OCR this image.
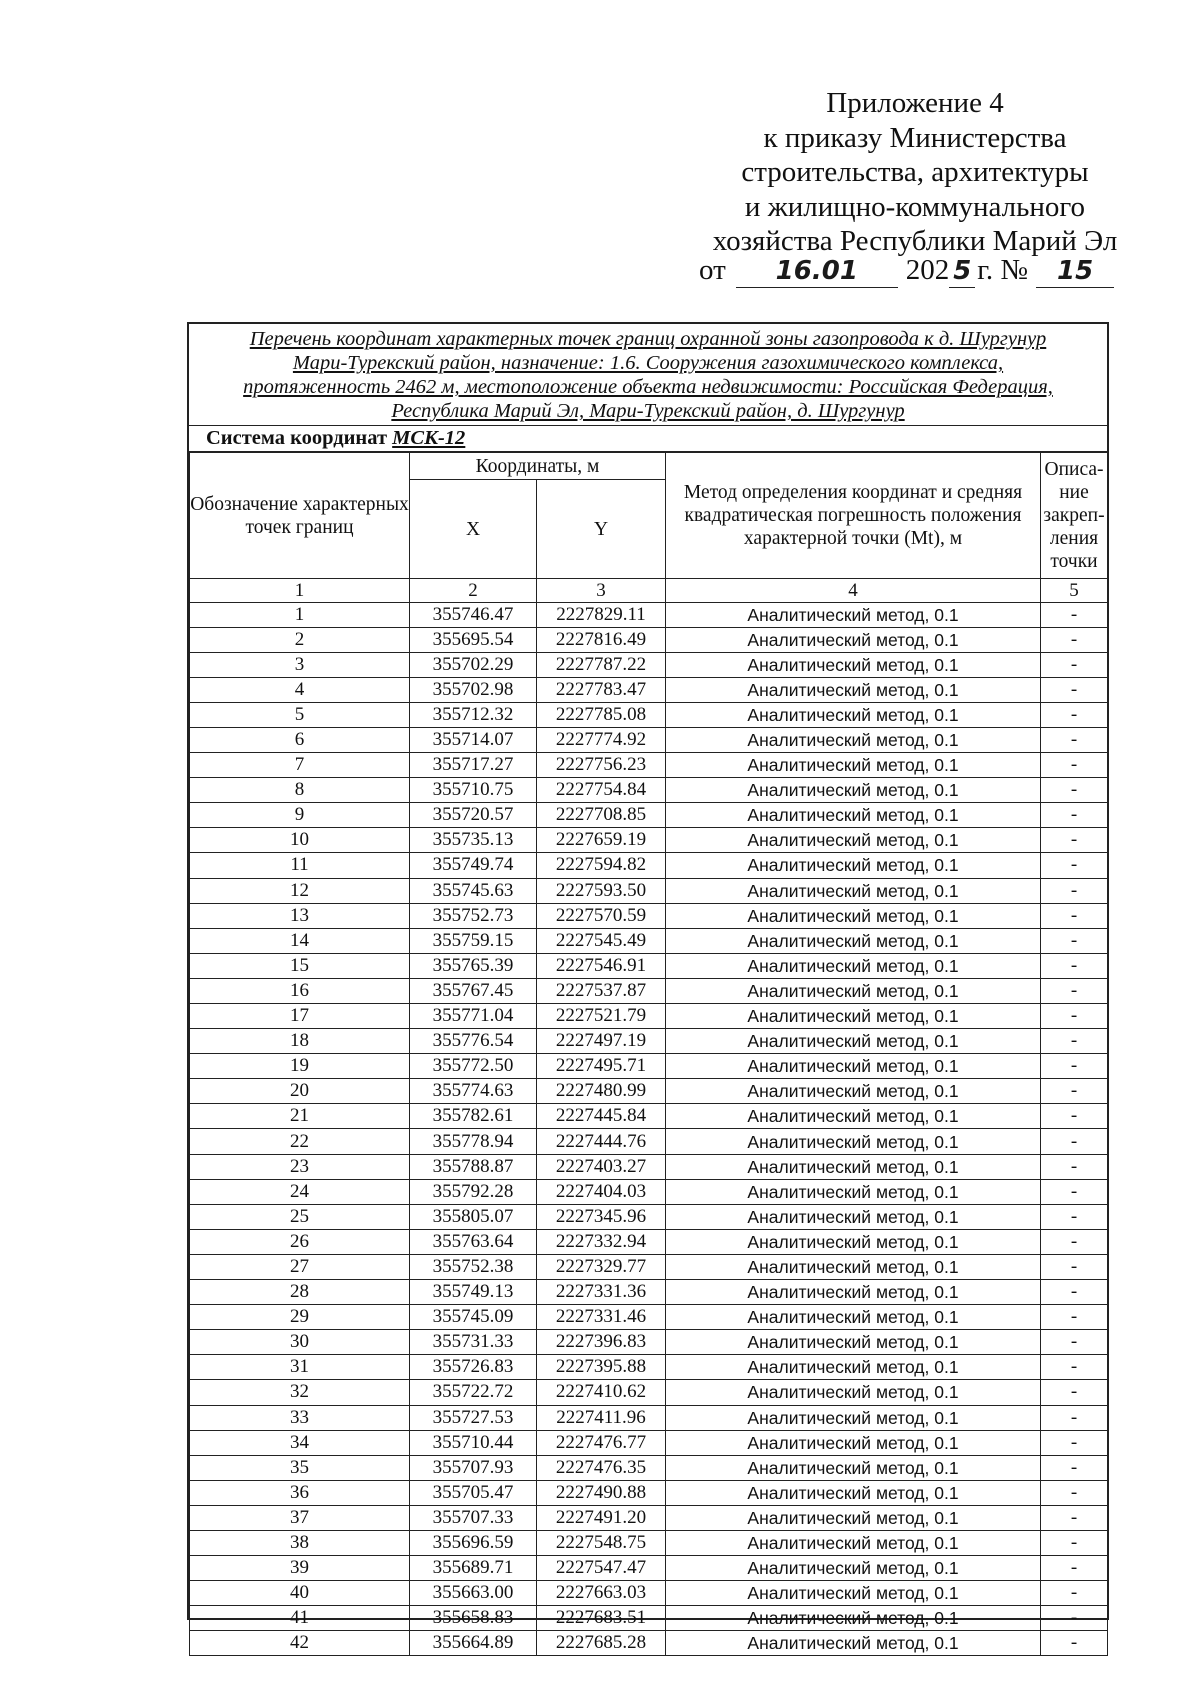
Приложение 4
к приказу Министерства
строительства, архитектуры
и жилищно-коммунального
хозяйства Республики Марий Эл
от 16.01 202 5 г. № 15
Перечень координат характерных точек границ охранной зоны газопровода к д. Шургунур
Мари-Турекский район, назначение: 1.6. Сооружения газохимического комплекса,
протяженность 2462 м, местоположение объекта недвижимости: Российская Федерация,
Республика Марий Эл, Мари-Турекский район, д. Шургунур
Система координат МСК-12
Обозначение характерных точек границ	Координаты, м		Метод определения координат и средняя квадратическая погрешность положения характерной точки (Mt), м	Описа-ние закреп-ления точки
	X	Y		
1	2	3	4	5
1	355746.47	2227829.11	Аналитический метод, 0.1	-
2	355695.54	2227816.49	Аналитический метод, 0.1	-
3	355702.29	2227787.22	Аналитический метод, 0.1	-
4	355702.98	2227783.47	Аналитический метод, 0.1	-
5	355712.32	2227785.08	Аналитический метод, 0.1	-
6	355714.07	2227774.92	Аналитический метод, 0.1	-
7	355717.27	2227756.23	Аналитический метод, 0.1	-
8	355710.75	2227754.84	Аналитический метод, 0.1	-
9	355720.57	2227708.85	Аналитический метод, 0.1	-
10	355735.13	2227659.19	Аналитический метод, 0.1	-
11	355749.74	2227594.82	Аналитический метод, 0.1	-
12	355745.63	2227593.50	Аналитический метод, 0.1	-
13	355752.73	2227570.59	Аналитический метод, 0.1	-
14	355759.15	2227545.49	Аналитический метод, 0.1	-
15	355765.39	2227546.91	Аналитический метод, 0.1	-
16	355767.45	2227537.87	Аналитический метод, 0.1	-
17	355771.04	2227521.79	Аналитический метод, 0.1	-
18	355776.54	2227497.19	Аналитический метод, 0.1	-
19	355772.50	2227495.71	Аналитический метод, 0.1	-
20	355774.63	2227480.99	Аналитический метод, 0.1	-
21	355782.61	2227445.84	Аналитический метод, 0.1	-
22	355778.94	2227444.76	Аналитический метод, 0.1	-
23	355788.87	2227403.27	Аналитический метод, 0.1	-
24	355792.28	2227404.03	Аналитический метод, 0.1	-
25	355805.07	2227345.96	Аналитический метод, 0.1	-
26	355763.64	2227332.94	Аналитический метод, 0.1	-
27	355752.38	2227329.77	Аналитический метод, 0.1	-
28	355749.13	2227331.36	Аналитический метод, 0.1	-
29	355745.09	2227331.46	Аналитический метод, 0.1	-
30	355731.33	2227396.83	Аналитический метод, 0.1	-
31	355726.83	2227395.88	Аналитический метод, 0.1	-
32	355722.72	2227410.62	Аналитический метод, 0.1	-
33	355727.53	2227411.96	Аналитический метод, 0.1	-
34	355710.44	2227476.77	Аналитический метод, 0.1	-
35	355707.93	2227476.35	Аналитический метод, 0.1	-
36	355705.47	2227490.88	Аналитический метод, 0.1	-
37	355707.33	2227491.20	Аналитический метод, 0.1	-
38	355696.59	2227548.75	Аналитический метод, 0.1	-
39	355689.71	2227547.47	Аналитический метод, 0.1	-
40	355663.00	2227663.03	Аналитический метод, 0.1	-
41	355658.83	2227683.51	Аналитический метод, 0.1	-
42	355664.89	2227685.28	Аналитический метод, 0.1	-
